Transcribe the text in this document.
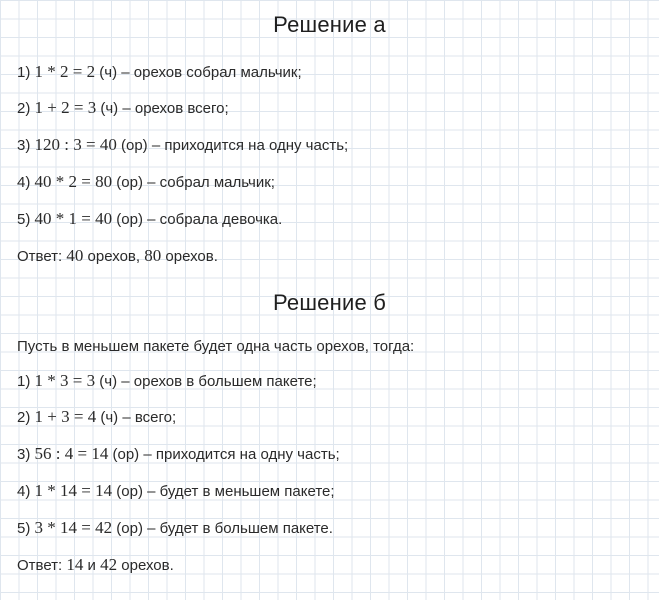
Решение а
1) 1 * 2 = 2 (ч) – орехов собрал мальчик;
2) 1 + 2 = 3 (ч) – орехов всего;
3) 120 : 3 = 40 (ор) – приходится на одну часть;
4) 40 * 2 = 80 (ор) – собрал мальчик;
5) 40 * 1 = 40 (ор) – собрала девочка.
Ответ: 40 орехов, 80 орехов.
Решение б
Пусть в меньшем пакете будет одна часть орехов, тогда:
1) 1 * 3 = 3 (ч) – орехов в большем пакете;
2) 1 + 3 = 4 (ч) – всего;
3) 56 : 4 = 14 (ор) – приходится на одну часть;
4) 1 * 14 = 14 (ор) – будет в меньшем пакете;
5) 3 * 14 = 42 (ор) – будет в большем пакете.
Ответ: 14 и 42 орехов.
